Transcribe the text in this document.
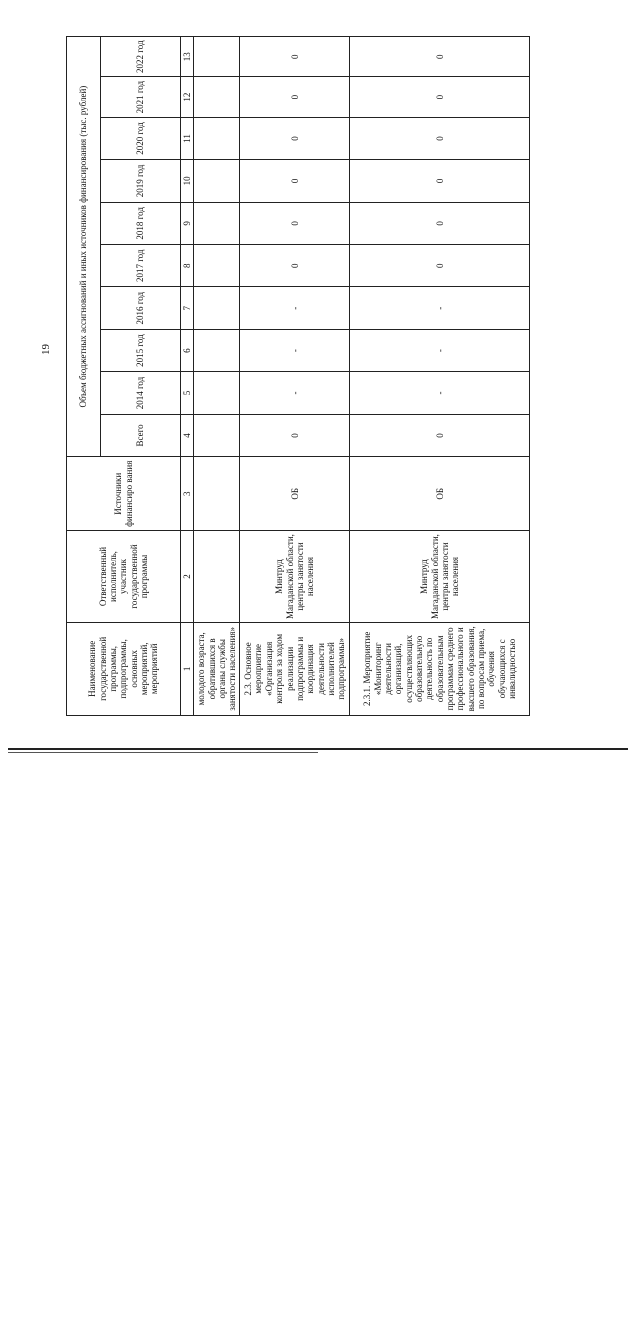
19
Наименование государственной программы, подпрограммы, основных мероприятий, мероприятий	Ответственный исполнитель, участник государственной программы	Источники финансиро вания	Объем бюджетных ассигнований и иных источников финансирования (тыс. рублей)									
			Всего	2014 год	2015 год	2016 год	2017 год	2018 год	2019 год	2020 год	2021 год	2022 год
1	2	3	4	5	6	7	8	9	10	11	12	13
молодого возраста, обратившихся в органы службы занятости населения»												
2.3. Основное мероприятие «Организация контроля за ходом реализации подпрограммы и координация деятельности исполнителей подпрограммы»	Минтруд Магаданской области, центры занятости населения	ОБ	0	-	-	-	0	0	0	0	0	0
2.3.1. Мероприятие «Мониторинг деятельности организаций, осуществляющих образовательную деятельность по образовательным программам среднего профессионального и высшего образования, по вопросам приема, обучения обучающихся с инвалидностью	Минтруд Магаданской области, центры занятости населения	ОБ	0	-	-	-	0	0	0	0	0	0
